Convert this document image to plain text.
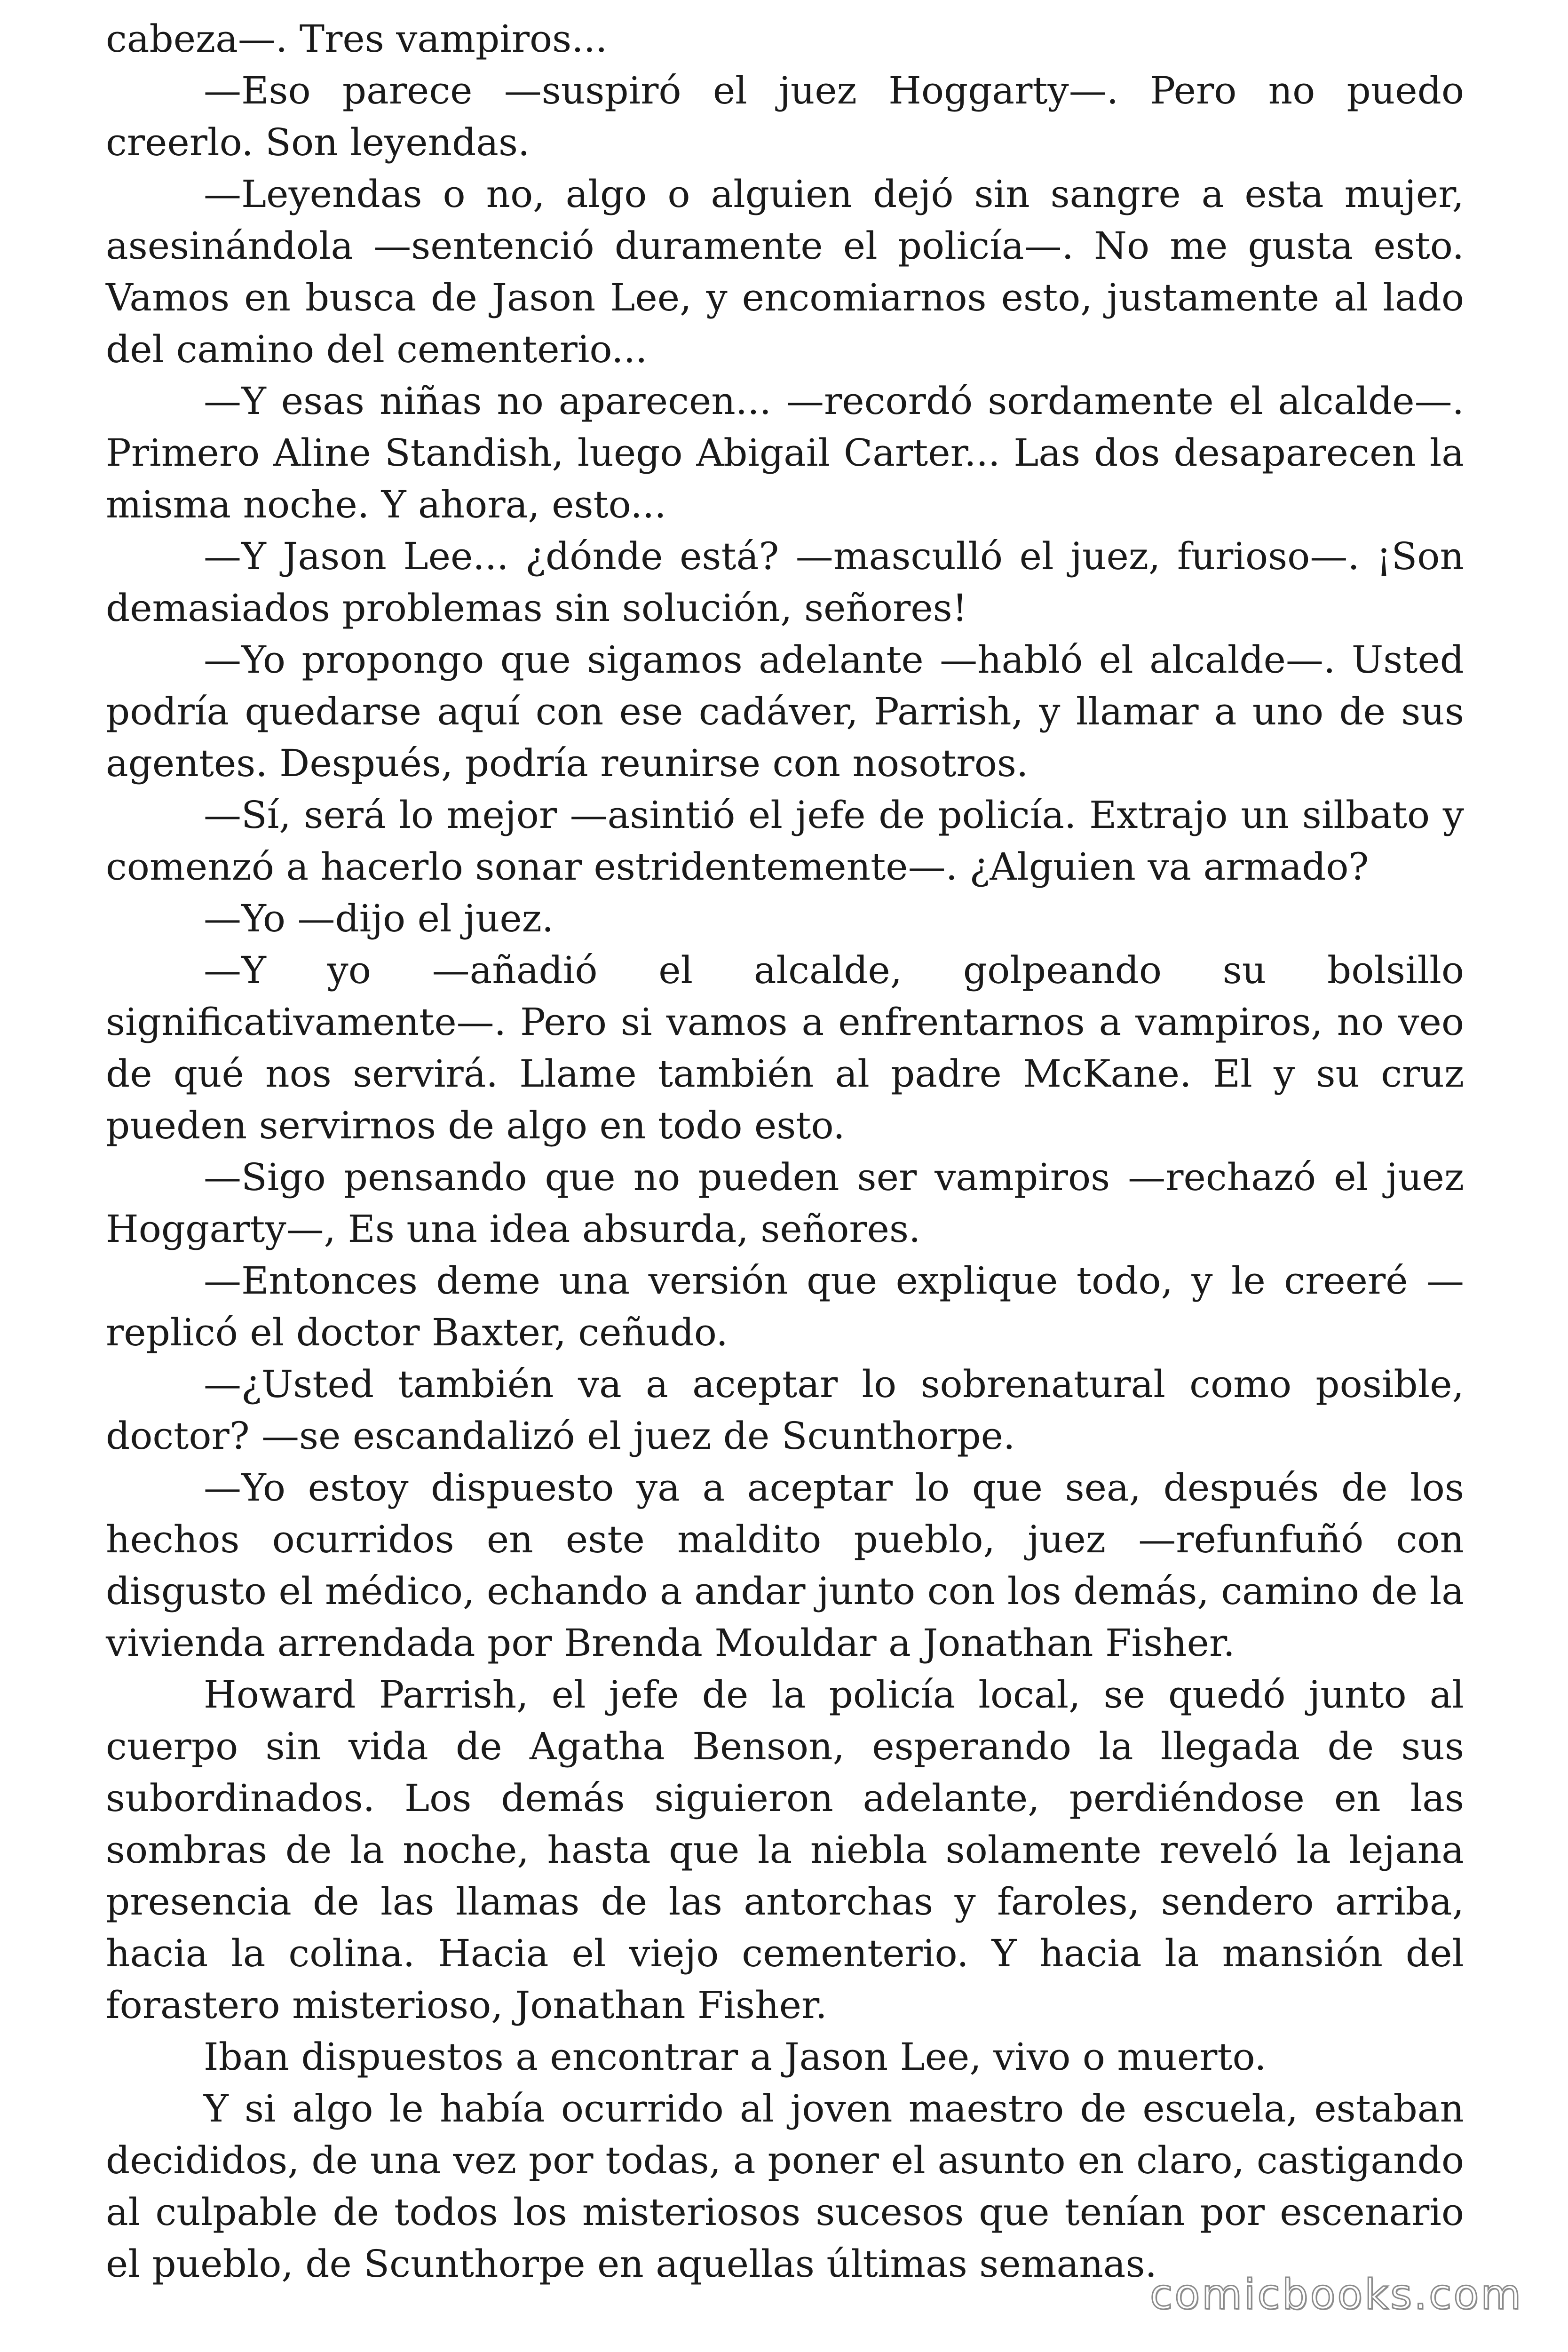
cabeza—. Tres vampiros...

—Eso parece —suspiró el juez Hoggarty—. Pero no puedo creerlo. Son leyendas.

—Leyendas o no, algo o alguien dejó sin sangre a esta mujer, asesinándola —sentenció duramente el policía—. No me gusta esto. Vamos en busca de Jason Lee, y encomiarnos esto, justamente al lado del camino del cementerio...

—Y esas niñas no aparecen... —recordó sordamente el alcalde—. Primero Aline Standish, luego Abigail Carter... Las dos desaparecen la misma noche. Y ahora, esto...

—Y Jason Lee... ¿dónde está? —masculló el juez, furioso—. ¡Son demasiados problemas sin solución, señores!

—Yo propongo que sigamos adelante —habló el alcalde—. Usted podría quedarse aquí con ese cadáver, Parrish, y llamar a uno de sus agentes. Después, podría reunirse con nosotros.

—Sí, será lo mejor —asintió el jefe de policía. Extrajo un silbato y comenzó a hacerlo sonar estridentemente—. ¿Alguien va armado?

—Yo —dijo el juez.

—Y yo —añadió el alcalde, golpeando su bolsillo significativamente—. Pero si vamos a enfrentarnos a vampiros, no veo de qué nos servirá. Llame también al padre McKane. El y su cruz pueden servirnos de algo en todo esto.

—Sigo pensando que no pueden ser vampiros —rechazó el juez Hoggarty—, Es una idea absurda, señores.

—Entonces deme una versión que explique todo, y le creeré —replicó el doctor Baxter, ceñudo.

—¿Usted también va a aceptar lo sobrenatural como posible, doctor? —se escandalizó el juez de Scunthorpe.

—Yo estoy dispuesto ya a aceptar lo que sea, después de los hechos ocurridos en este maldito pueblo, juez —refunfuñó con disgusto el médico, echando a andar junto con los demás, camino de la vivienda arrendada por Brenda Mouldar a Jonathan Fisher.

Howard Parrish, el jefe de la policía local, se quedó junto al cuerpo sin vida de Agatha Benson, esperando la llegada de sus subordinados. Los demás siguieron adelante, perdiéndose en las sombras de la noche, hasta que la niebla solamente reveló la lejana presencia de las llamas de las antorchas y faroles, sendero arriba, hacia la colina. Hacia el viejo cementerio. Y hacia la mansión del forastero misterioso, Jonathan Fisher.

Iban dispuestos a encontrar a Jason Lee, vivo o muerto.

Y si algo le había ocurrido al joven maestro de escuela, estaban decididos, de una vez por todas, a poner el asunto en claro, castigando al culpable de todos los misteriosos sucesos que tenían por escenario el pueblo, de Scunthorpe en aquellas últimas semanas.

comicbooks.com
